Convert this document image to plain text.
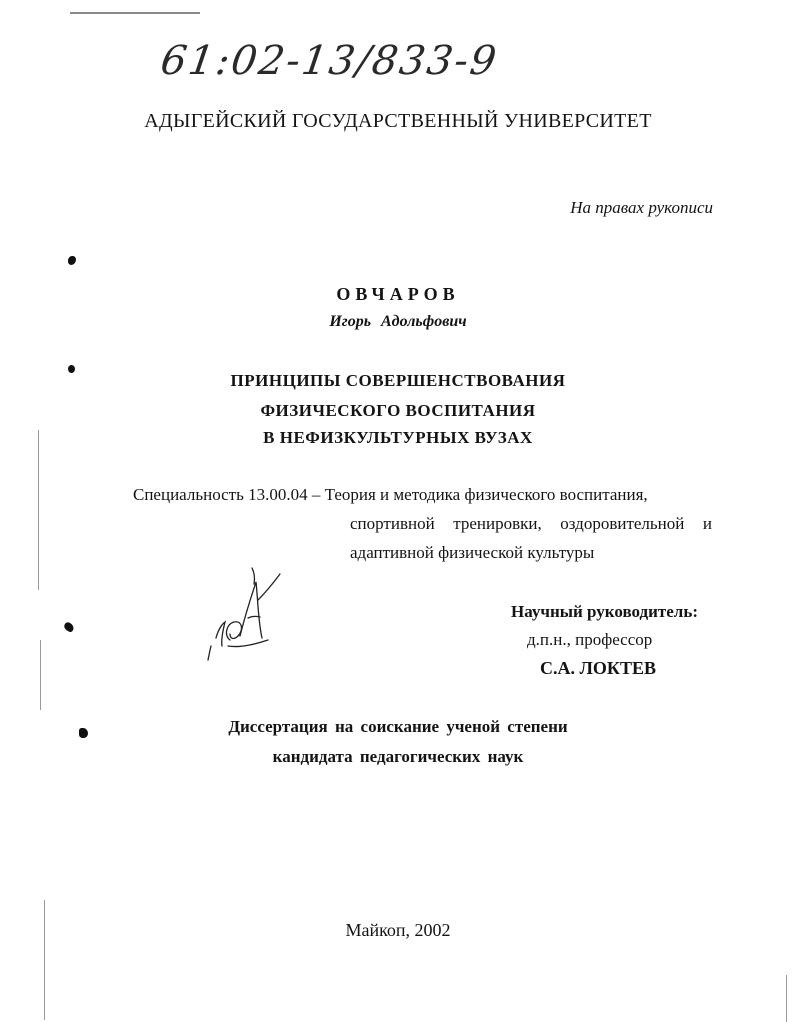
61:02-13/833-9
АДЫГЕЙСКИЙ ГОСУДАРСТВЕННЫЙ УНИВЕРСИТЕТ
На правах рукописи
ОВЧАРОВ
Игорь Адольфович
ПРИНЦИПЫ СОВЕРШЕНСТВОВАНИЯ
ФИЗИЧЕСКОГО ВОСПИТАНИЯ
В НЕФИЗКУЛЬТУРНЫХ ВУЗАХ
Специальность 13.00.04 – Теория и методика физического воспитания,
спортивной тренировки, оздоровительной и
адаптивной физической культуры
Научный руководитель:
д.п.н., профессор
С.А. ЛОКТЕВ
Диссертация на соискание ученой степени
кандидата педагогических наук
Майкоп, 2002
